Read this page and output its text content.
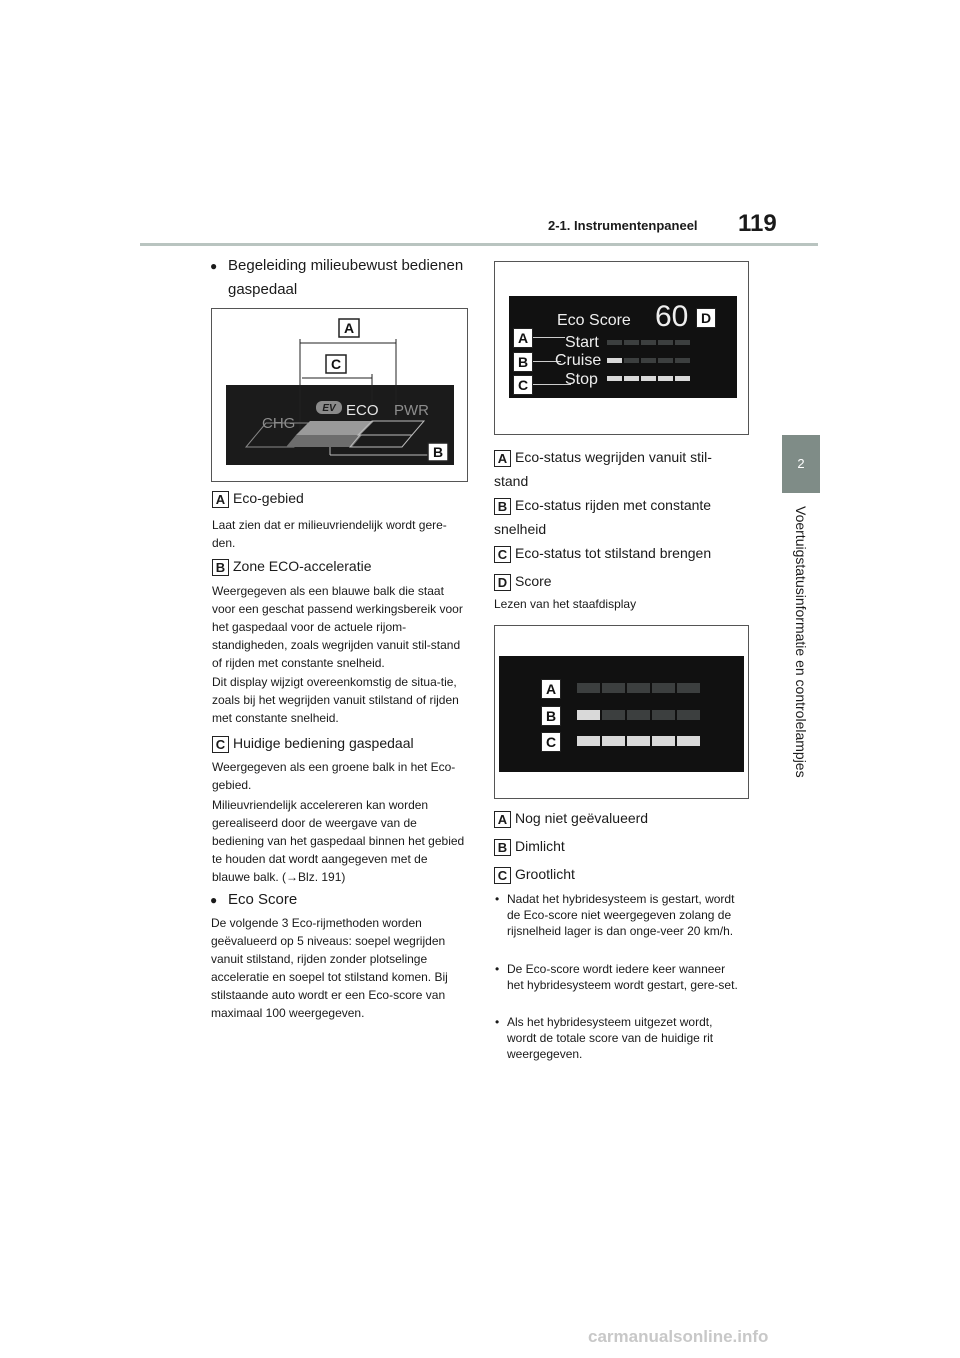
2-1. Instrumentenpaneel 119
2
Voertuigstatusinformatie en controlelampjes
● Begeleiding milieubewust bedienen gaspedaal
A
C
CHG
EV ECO PWR
B
A Eco-gebied
Laat zien dat er milieuvriendelijk wordt gere-den.
B Zone ECO-acceleratie
Weergegeven als een blauwe balk die staat voor een geschat passend werkingsbereik voor het gaspedaal voor de actuele rijom-standigheden, zoals wegrijden vanuit stil-stand of rijden met constante snelheid.
Dit display wijzigt overeenkomstig de situa-tie, zoals bij het wegrijden vanuit stilstand of rijden met constante snelheid.
C Huidige bediening gaspedaal
Weergegeven als een groene balk in het Eco-gebied.
Milieuvriendelijk accelereren kan worden gerealiseerd door de weergave van de bediening van het gaspedaal binnen het gebied te houden dat wordt aangegeven met de blauwe balk. (→Blz. 191)
● Eco Score
De volgende 3 Eco-rijmethoden worden geëvalueerd op 5 niveaus: soepel wegrijden vanuit stilstand, rijden zonder plotselinge acceleratie en soepel tot stilstand komen. Bij stilstaande auto wordt er een Eco-score van maximaal 100 weergegeven.
Eco Score 60 D
A
B
C
Start
Cruise
Stop
A Eco-status wegrijden vanuit stil-stand
B Eco-status rijden met constante snelheid
C Eco-status tot stilstand brengen
D Score
Lezen van het staafdisplay
A
B
C
A Nog niet geëvalueerd
B Dimlicht
C Grootlicht
• Nadat het hybridesysteem is gestart, wordt de Eco-score niet weergegeven zolang de rijsnelheid lager is dan onge-veer 20 km/h.
• De Eco-score wordt iedere keer wanneer het hybridesysteem wordt gestart, gere-set.
• Als het hybridesysteem uitgezet wordt, wordt de totale score van de huidige rit weergegeven.
carmanualsonline.info
